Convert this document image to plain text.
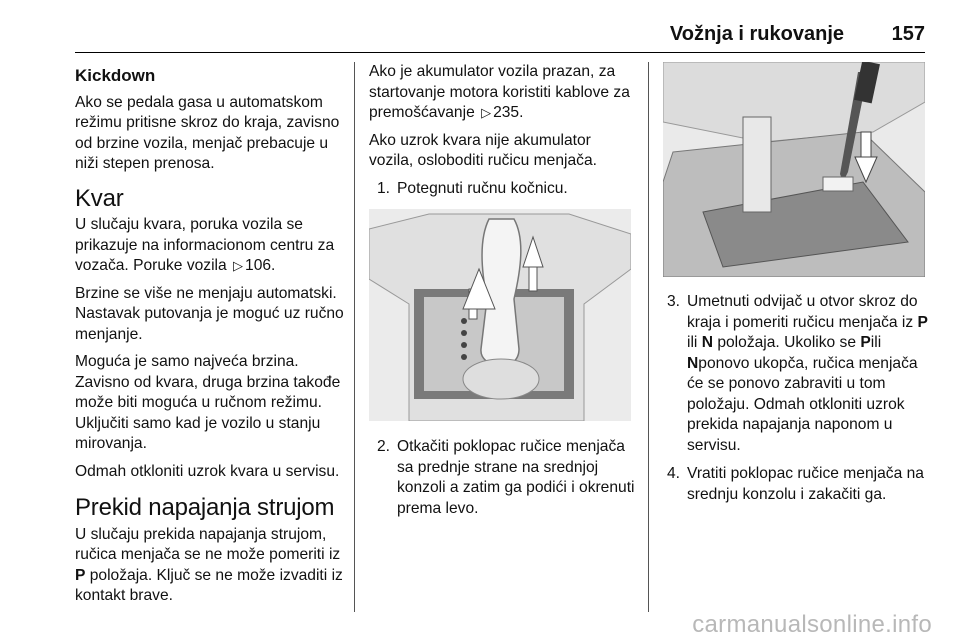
Vožnja i rukovanje 157
Kickdown

Ako se pedala gasa u automatskom režimu pritisne skroz do kraja, zavisno od brzine vozila, menjač prebacuje u niži stepen prenosa.

Kvar

U slučaju kvara, poruka vozila se prikazuje na informacionom centru za vozača. Poruke vozila ▷ 106.

Brzine se više ne menjaju automatski. Nastavak putovanja je moguć uz ručno menjanje.

Moguća je samo najveća brzina. Zavisno od kvara, druga brzina takođe može biti moguća u ručnom režimu. Uključiti samo kad je vozilo u stanju mirovanja.

Odmah otkloniti uzrok kvara u servisu.

Prekid napajanja strujom

U slučaju prekida napajanja strujom, ručica menjača se ne može pomeriti iz P položaja. Ključ se ne može izvaditi iz kontakt brave.

Ako je akumulator vozila prazan, za startovanje motora koristiti kablove za premošćavanje ▷ 235.

Ako uzrok kvara nije akumulator vozila, osloboditi ručicu menjača.

1. Potegnuti ručnu kočnicu.
2. Otkačiti poklopac ručice menjača sa prednje strane na srednjoj konzoli a zatim ga podići i okrenuti prema levo.
3. Umetnuti odvijač u otvor skroz do kraja i pomeriti ručicu menjača iz P ili N položaja. Ukoliko se Pili Nponovo ukopča, ručica menjača će se ponovo zabraviti u tom položaju. Odmah otkloniti uzrok prekida napajanja naponom u servisu.
4. Vratiti poklopac ručice menjača na srednju konzolu i zakačiti ga.
carmanualsonline.info
